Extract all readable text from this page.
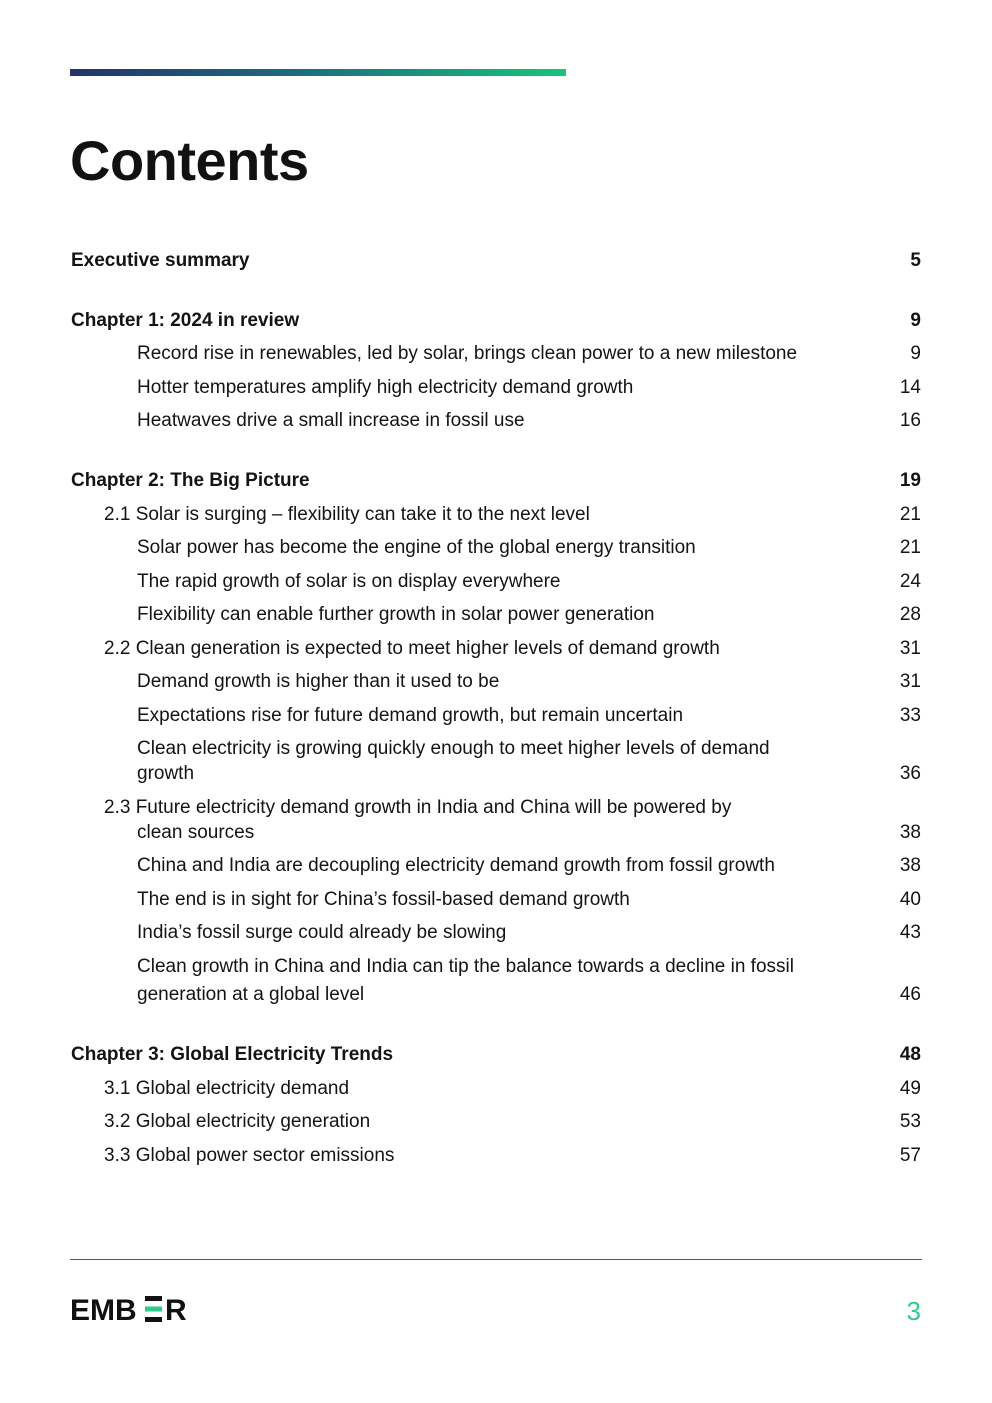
Contents
Executive summary	5
Chapter 1: 2024 in review	9
Record rise in renewables, led by solar, brings clean power to a new milestone	9
Hotter temperatures amplify high electricity demand growth	14
Heatwaves drive a small increase in fossil use	16
Chapter 2: The Big Picture	19
2.1 Solar is surging – flexibility can take it to the next level	21
Solar power has become the engine of the global energy transition	21
The rapid growth of solar is on display everywhere	24
Flexibility can enable further growth in solar power generation	28
2.2 Clean generation is expected to meet higher levels of demand growth	31
Demand growth is higher than it used to be	31
Expectations rise for future demand growth, but remain uncertain	33
Clean electricity is growing quickly enough to meet higher levels of demand
growth	36
2.3 Future electricity demand growth in India and China will be powered by
clean sources	38
China and India are decoupling electricity demand growth from fossil growth	38
The end is in sight for China’s fossil-based demand growth	40
India’s fossil surge could already be slowing	43
Clean growth in China and India can tip the balance towards a decline in fossil
generation at a global level	46
Chapter 3: Global Electricity Trends	48
3.1 Global electricity demand	49
3.2 Global electricity generation	53
3.3 Global power sector emissions	57
EMB R	3
